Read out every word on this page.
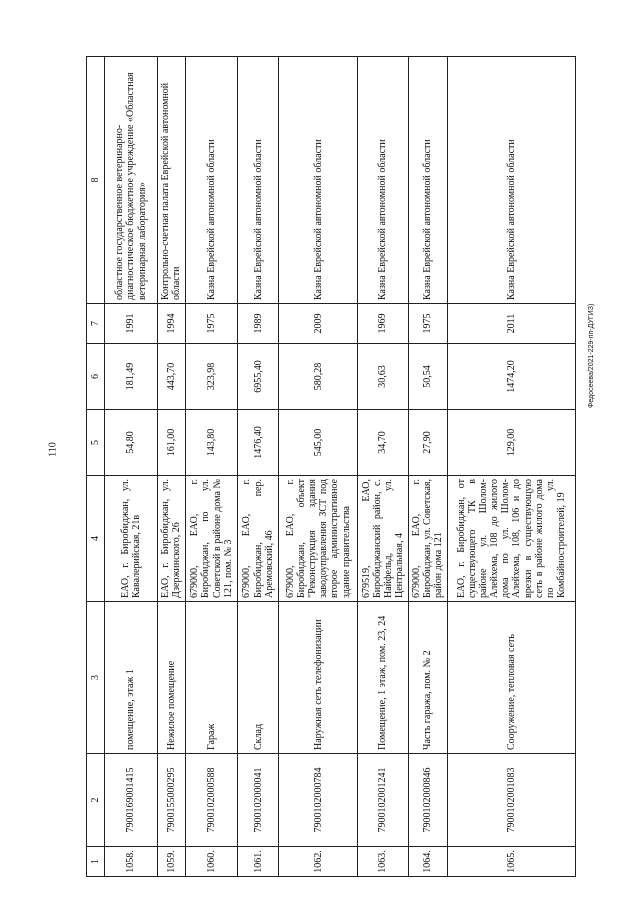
110
1	2	3	4	5	6	7	8
1058.	7900169001415	помещение, этаж 1	ЕАО, г. Биробиджан, ул. Кавалерийская, 21в	54,80	181,49	1991	областное государственное ветеринарно-диагностическое бюджетное учреждение «Областная ветеринарная лаборатория»
1059.	7900155000295	Нежилое помещение	ЕАО, г. Биробиджан, ул. Дзержинского, 26	161,00	443,70	1994	Контрольно-счетная палата Еврейской автономной области
1060.	7900102000588	Гараж	679000, ЕАО, г. Биробиджан, по ул. Советской в районе дома № 121, пом. № 3	143,80	323,98	1975	Казна Еврейской автономной области
1061.	7900102000041	Склад	679000, ЕАО, г. Биробиджан, пер. Аремовский, 46	1476,40	6955,40	1989	Казна Еврейской автономной области
1062.	7900102000784	Наружная сеть телефонизации	679000, ЕАО, г. Биробиджан, объект "Реконструкция здания заводоуправления ЗСТ под второе административное здание правительства	545,00	580,28	2009	Казна Еврейской автономной области
1063.	7900102001241	Помещение, 1 этаж, пом. 23, 24	679519, ЕАО, Биробиджанский район, с. Найфельд, ул. Центральная, 4	34,70	30,63	1969	Казна Еврейской автономной области
1064.	7900102000846	Часть гаража, пом. № 2	679000, ЕАО, г. Биробиджан, ул. Советская, район дома 121	27,90	50,54	1975	Казна Еврейской автономной области
1065.	7900102001083	Сооружение, тепловая сеть	ЕАО, г. Биробиджан, от существующего ТК в районе ул. Шолом-Алейхема, 108 до жилого дома по ул. Шолом-Алейхема, 108, 106 и до врезки в существующую сеть в районе жилого дома по ул. Комбайностроителей, 19	129,00	1474,20	2011	Казна Еврейской автономной области
Федосеева/2021-229-пп-ДУГИЗ)
